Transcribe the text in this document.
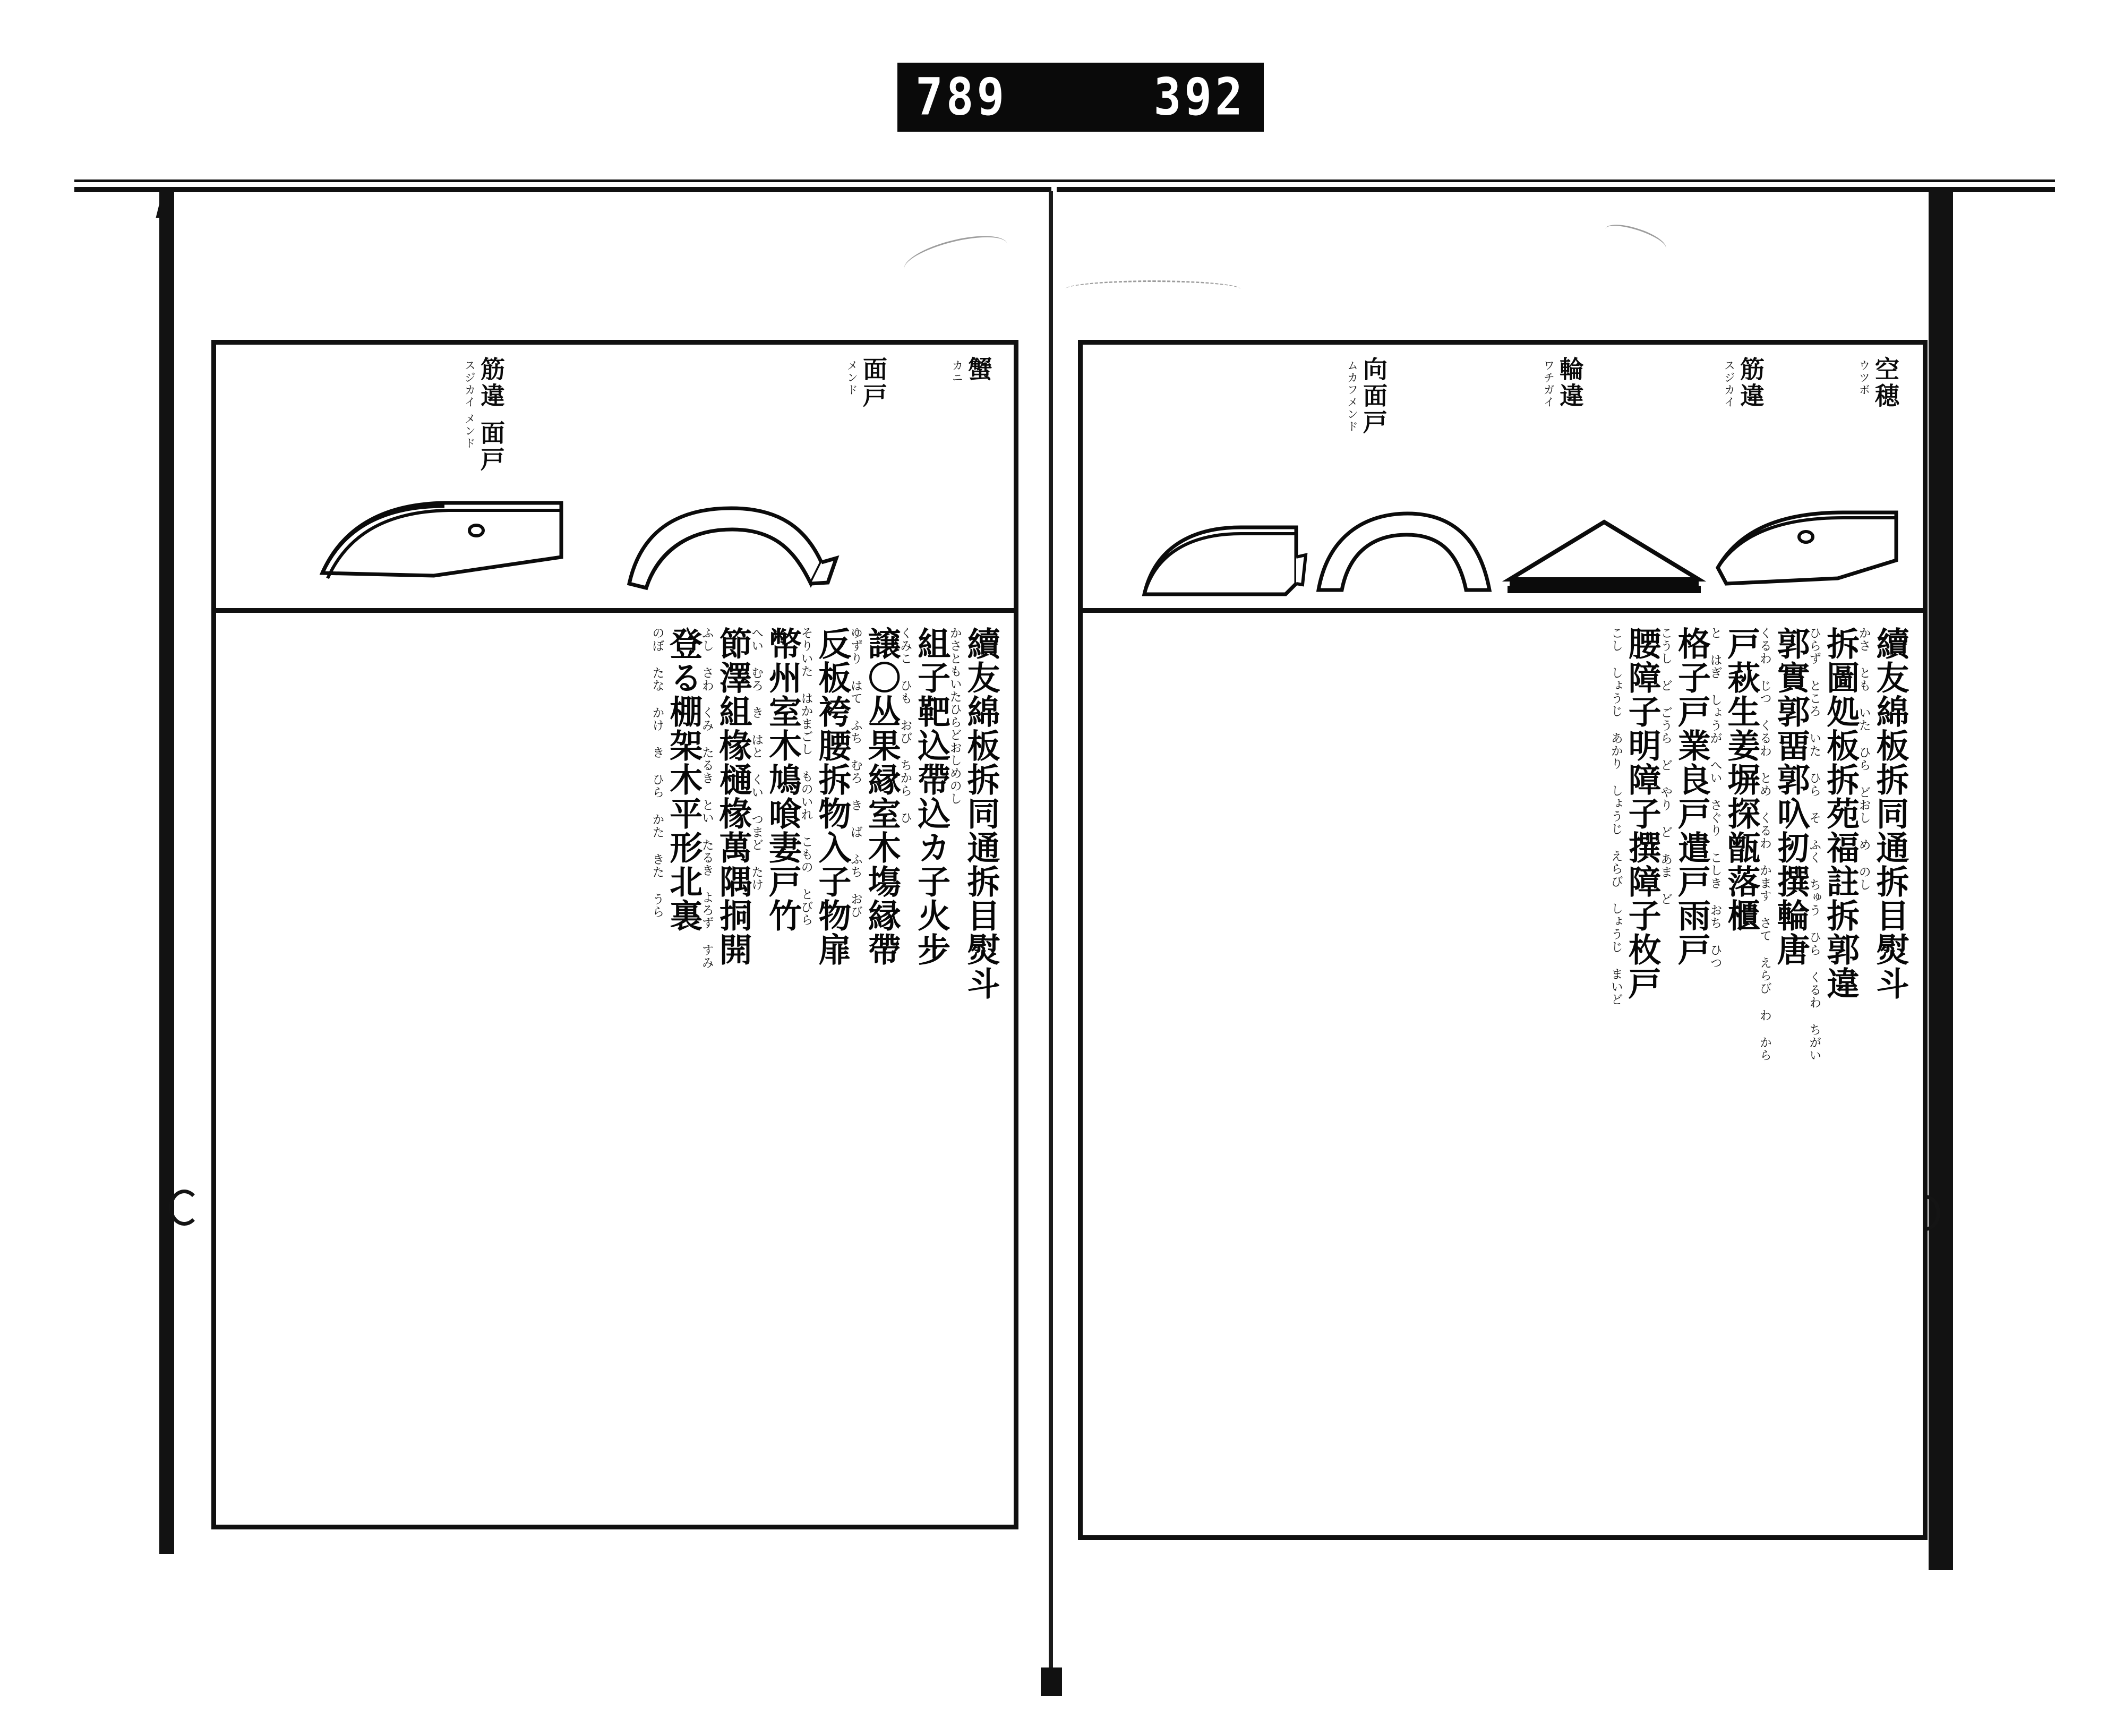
789	392
蟹
カニ
面戸
メンド
筋違 面戸
スジカイ メンド
續友綿板拆同通拆目熨斗
かさともいたひらどおしめのし
組子靶込帶込カ子火步
くみこ ひも おび ちから ひ
譲〇丛果縁室木塲縁帶
ゆずり はて ふち むろ き ば ふち おび
反板袴腰拆物入子物扉
そりいた はかまごし ものいれ こもの とびら
幣州室木鳩喰妻戸竹
へい むろ き はと くい つまど たけ
節澤組椽樋椽萬隅挏開
ふし さわ くみ たるき とい たるき よろず すみ
登る棚架木平形北裏
のぼ たな かけ き ひら かた きた うら
空穂
ウツボ
筋違
スジカイ
輪違
ワチガイ
向面戸
ムカフメンド
續友綿板拆同通拆目熨斗
かさ とも いた ひら どおし め のし
拆圖処板拆苑福註拆郭違
ひらず ところ いた ひら そ ふく ちゅう ひら くるわ ちがい
郭實郭畱郭叺扨撰輪唐
くるわ じつ くるわ とめ くるわ かます さて えらび わ から
戸萩生姜塀探甑落櫃
と はぎ しょうが へい さぐり こしき おち ひつ
格子戸業良戸遣戸雨戸
こうし ど ごうら ど やり ど あま ど
腰障子明障子撰障子枚戸
こし しょうじ あかり しょうじ えらび しょうじ まいど
